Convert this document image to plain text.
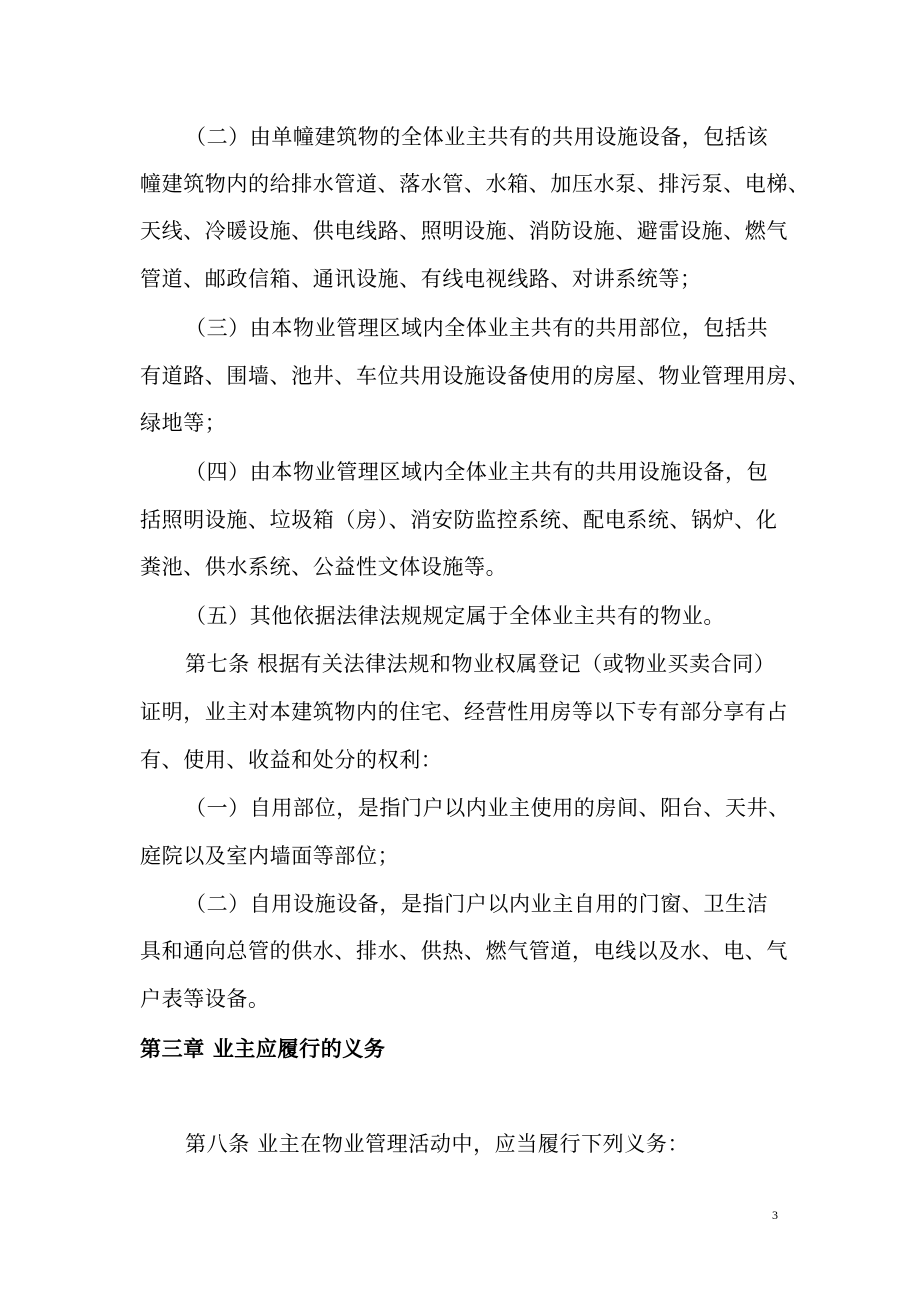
（二）由单幢建筑物的全体业主共有的共用设施设备，包括该
幢建筑物内的给排水管道、落水管、水箱、加压水泵、排污泵、电梯、
天线、冷暖设施、供电线路、照明设施、消防设施、避雷设施、燃气
管道、邮政信箱、通讯设施、有线电视线路、对讲系统等；
（三）由本物业管理区域内全体业主共有的共用部位，包括共
有道路、围墙、池井、车位共用设施设备使用的房屋、物业管理用房、
绿地等；
（四）由本物业管理区域内全体业主共有的共用设施设备，包
括照明设施、垃圾箱（房）、消安防监控系统、配电系统、锅炉、化
粪池、供水系统、公益性文体设施等。
（五）其他依据法律法规规定属于全体业主共有的物业。
第七条 根据有关法律法规和物业权属登记（或物业买卖合同）
证明，业主对本建筑物内的住宅、经营性用房等以下专有部分享有占
有、使用、收益和处分的权利：
（一）自用部位，是指门户以内业主使用的房间、阳台、天井、
庭院以及室内墙面等部位；
（二）自用设施设备，是指门户以内业主自用的门窗、卫生洁
具和通向总管的供水、排水、供热、燃气管道，电线以及水、电、气
户表等设备。
第三章 业主应履行的义务
第八条 业主在物业管理活动中，应当履行下列义务：
3
